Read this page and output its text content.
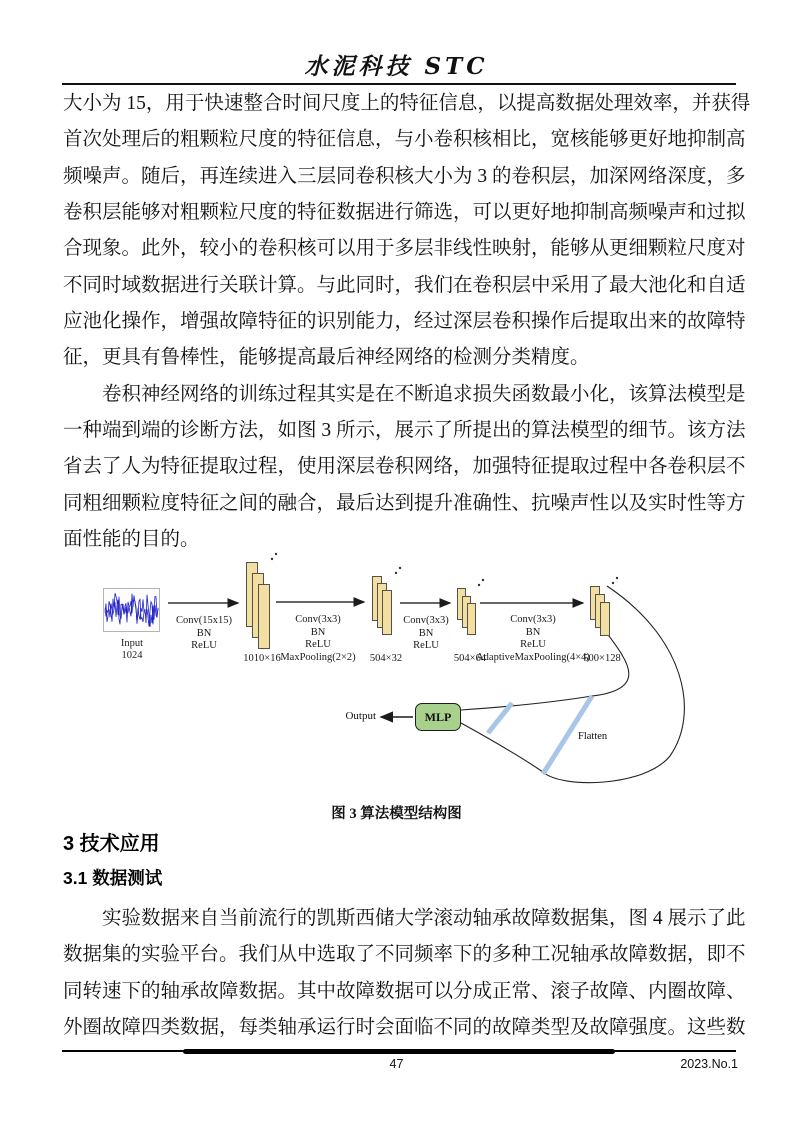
水泥科技 STC
大小为 15，用于快速整合时间尺度上的特征信息，以提高数据处理效率，并获得
首次处理后的粗颗粒尺度的特征信息，与小卷积核相比，宽核能够更好地抑制高
频噪声。随后，再连续进入三层同卷积核大小为 3 的卷积层，加深网络深度，多
卷积层能够对粗颗粒尺度的特征数据进行筛选，可以更好地抑制高频噪声和过拟
合现象。此外，较小的卷积核可以用于多层非线性映射，能够从更细颗粒尺度对
不同时域数据进行关联计算。与此同时，我们在卷积层中采用了最大池化和自适
应池化操作，增强故障特征的识别能力，经过深层卷积操作后提取出来的故障特
征，更具有鲁棒性，能够提高最后神经网络的检测分类精度。
卷积神经网络的训练过程其实是在不断追求损失函数最小化，该算法模型是
一种端到端的诊断方法，如图 3 所示，展示了所提出的算法模型的细节。该方法
省去了人为特征提取过程，使用深层卷积网络，加强特征提取过程中各卷积层不
同粗细颗粒度特征之间的融合，最后达到提升准确性、抗噪声性以及实时性等方
面性能的目的。
Input
1024
Conv(15x15)
BN
ReLU
Conv(3x3)
BN
ReLU
MaxPooling(2×2)
Conv(3x3)
BN
ReLU
Conv(3x3)
BN
ReLU
AdaptiveMaxPooling(4×4)
1010×16	504×32	504×64	500×128
MLP
Output
Flatten
图 3 算法模型结构图
3 技术应用
3.1 数据测试
实验数据来自当前流行的凯斯西储大学滚动轴承故障数据集，图 4 展示了此
数据集的实验平台。我们从中选取了不同频率下的多种工况轴承故障数据，即不
同转速下的轴承故障数据。其中故障数据可以分成正常、滚子故障、内圈故障、
外圈故障四类数据，每类轴承运行时会面临不同的故障类型及故障强度。这些数
47	2023.No.1
